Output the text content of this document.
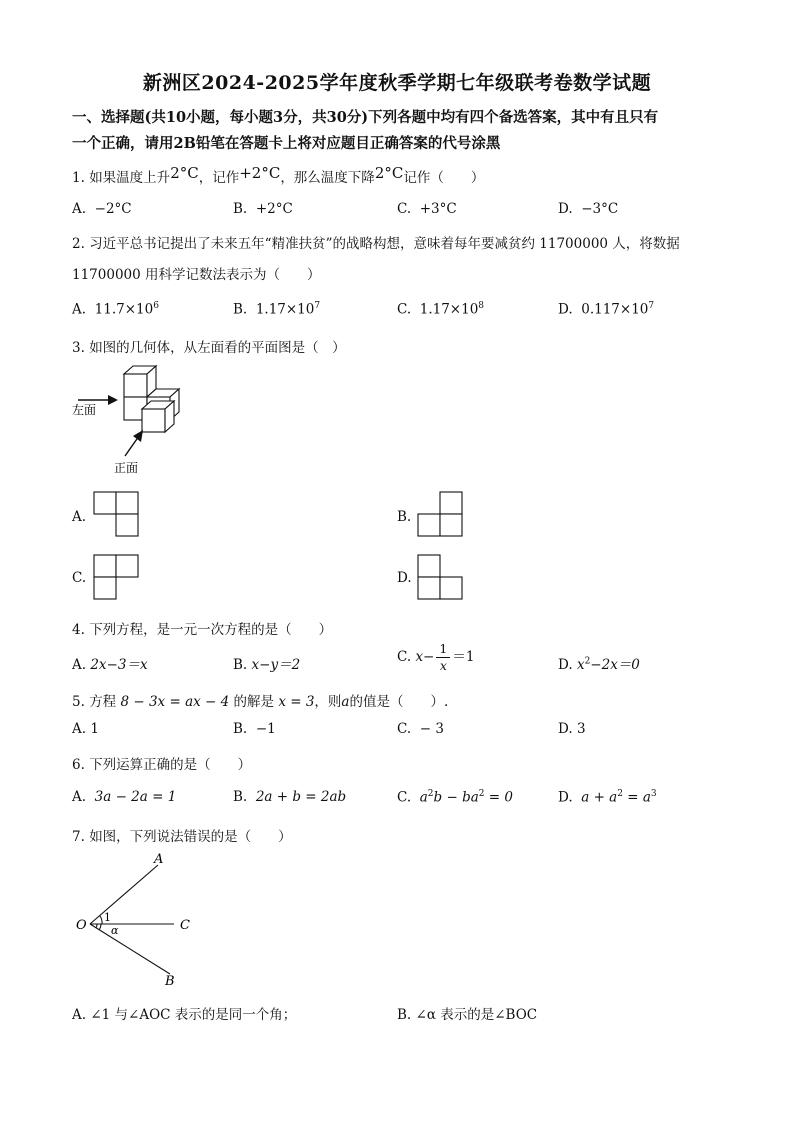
新洲区2024-2025学年度秋季学期七年级联考卷数学试题
一、选择题(共10小题，每小题3分，共30分)下列各题中均有四个备选答案，其中有且只有
一个正确，请用2B铅笔在答题卡上将对应题目正确答案的代号涂黑
1. 如果温度上升2°C，记作+2°C，那么温度下降2°C记作（　　）
A. −2°C	B. +2°C	C. +3°C	D. −3°C
2. 习近平总书记提出了未来五年“精准扶贫”的战略构想，意味着每年要减贫约 11700000 人，将数据
11700000 用科学记数法表示为（　　）
A. $11.7\times 10^6$	B. $1.17\times 10^7$	C. $1.17\times 10^8$	D. $0.117\times 10^7$
3. 如图的几何体，从左面看的平面图是（　）
左面
正面
A.	B.
C.	D.
4. 下列方程，是一元一次方程的是（　　）
A. 2x−3＝x	B. x−y＝2	C. $x- \frac{1}{x} =1$	D. $x^2-2x=0$
5. 方程 8 − 3x = ax − 4 的解是 x = 3，则a的值是（　　）.
A. 1	B. −1	C. − 3	D. 3
6. 下列运算正确的是（　　）
A. 3a − 2a = 1	B. 2a + b = 2ab	C. $a^2b - ba^2 = 0$	D. $a + a^2 = a^3$
7. 如图，下列说法错误的是（　　）
A
O	C
B
1
α
A. ∠1 与∠AOC 表示的是同一个角；	B. ∠α 表示的是∠BOC
